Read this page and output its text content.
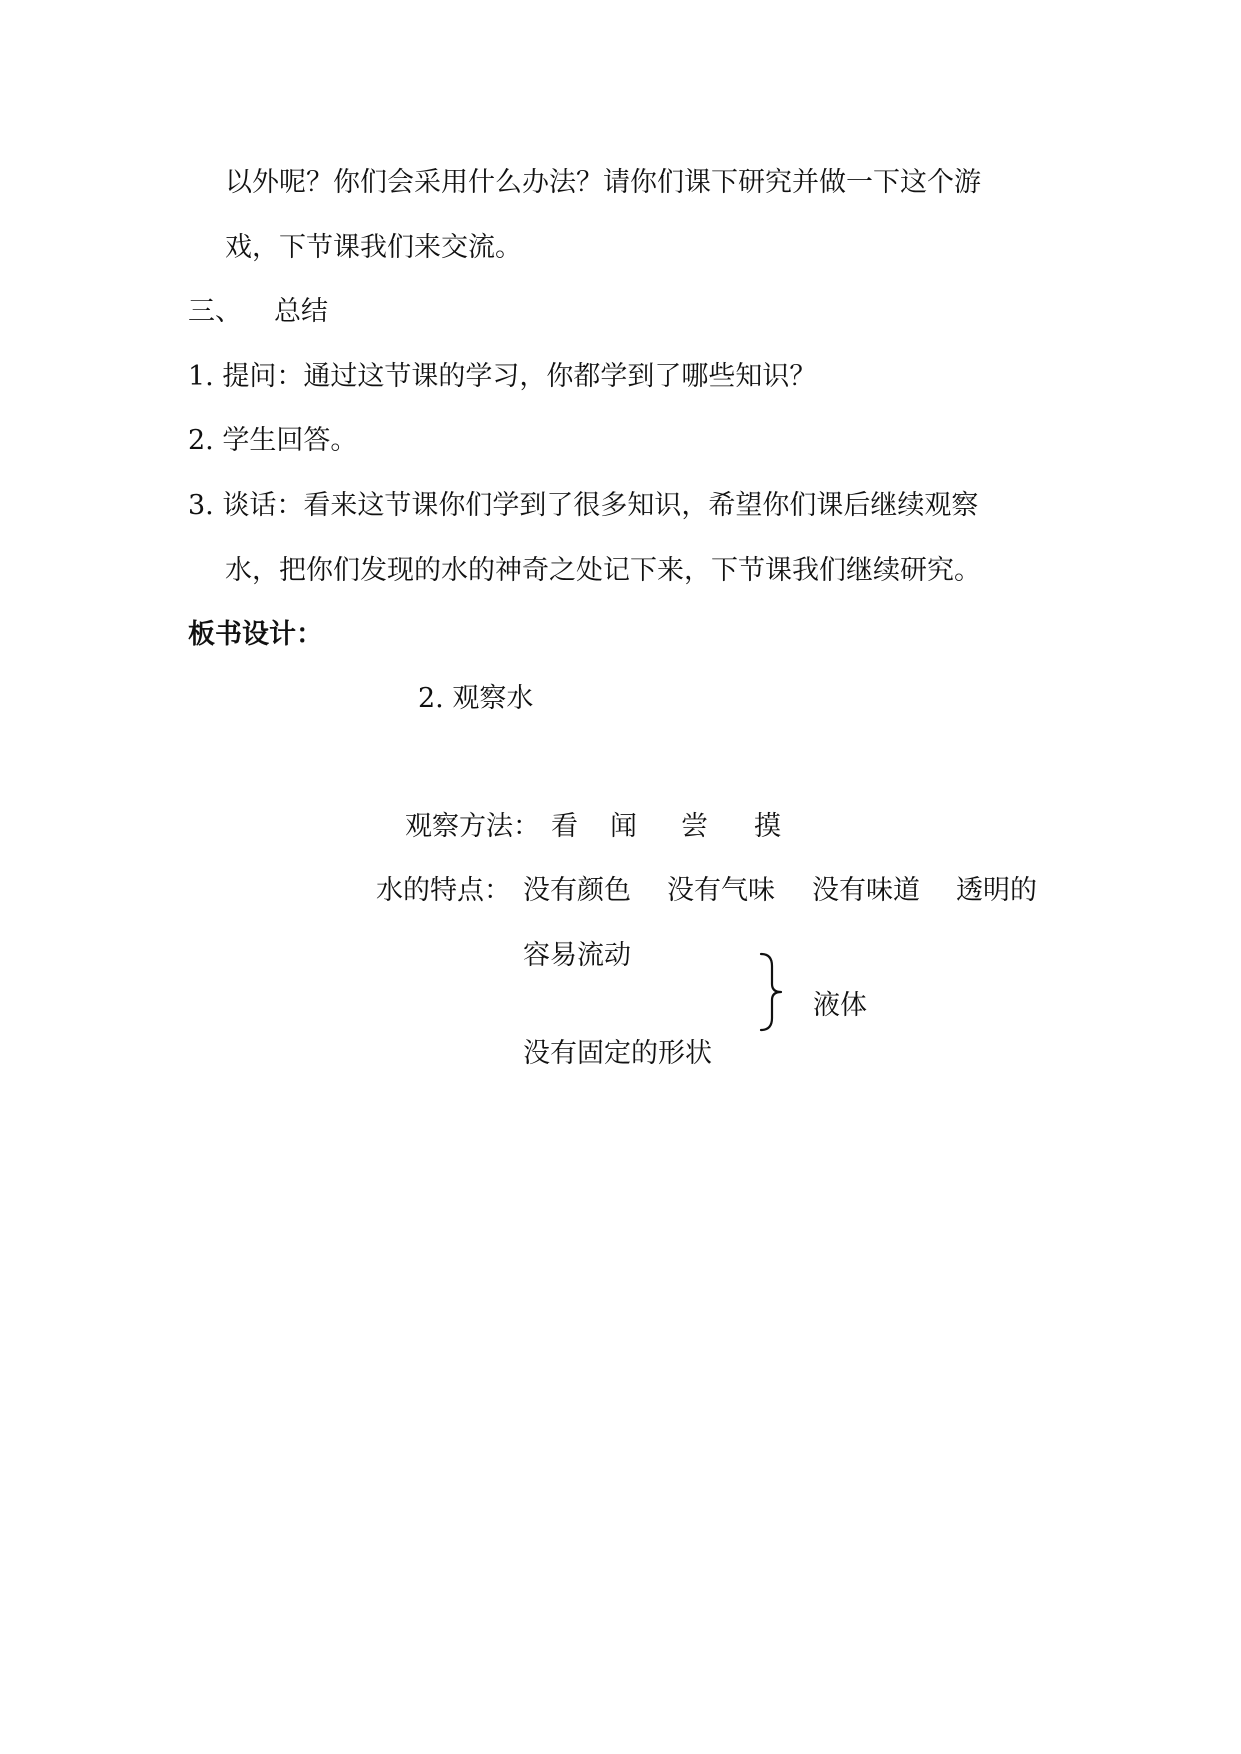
以外呢？你们会采用什么办法？请你们课下研究并做一下这个游
戏，下节课我们来交流。
三、 总结
1. 提问：通过这节课的学习，你都学到了哪些知识？
2. 学生回答。
3. 谈话：看来这节课你们学到了很多知识，希望你们课后继续观察
水，把你们发现的水的神奇之处记下来，下节课我们继续研究。
板书设计：
2. 观察水
观察方法： 看 闻 尝 摸
水的特点： 没有颜色 没有气味 没有味道 透明的
容易流动
液体
没有固定的形状
